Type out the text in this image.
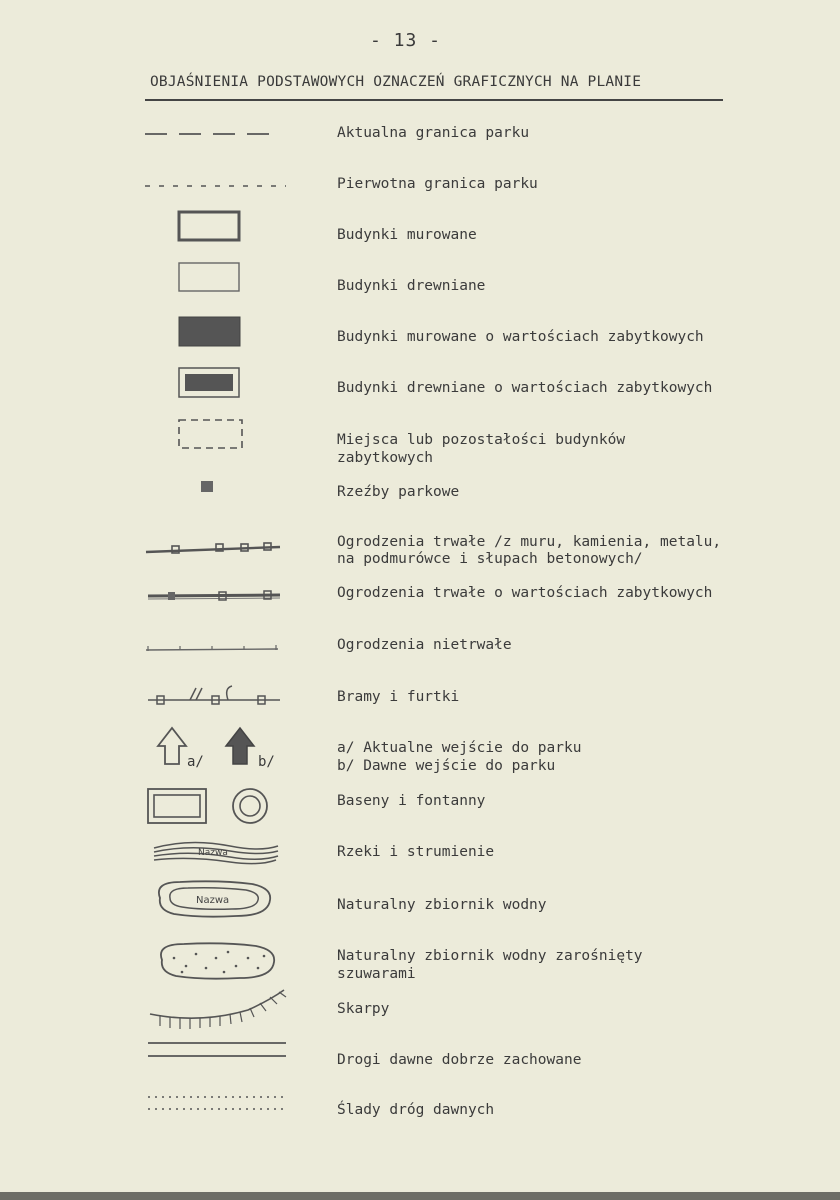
- 13 -
OBJAŚNIENIA PODSTAWOWYCH OZNACZEŃ GRAFICZNYCH NA PLANIE
Aktualna granica parku
Pierwotna granica parku
Budynki murowane
Budynki drewniane
Budynki murowane o wartościach zabytkowych
Budynki drewniane o wartościach zabytkowych
Miejsca lub pozostałości budynków
zabytkowych
Rzeźby parkowe
Ogrodzenia trwałe /z muru, kamienia, metalu,
na podmurówce i słupach betonowych/
Ogrodzenia trwałe o wartościach zabytkowych
Ogrodzenia nietrwałe
Bramy i furtki
a/	b/
a/ Aktualne wejście do parku
b/ Dawne wejście do parku
Baseny i fontanny
Nazwa	Rzeki i strumienie
Nazwa	Naturalny zbiornik wodny
Naturalny zbiornik wodny zarośnięty
szuwarami
Skarpy
Drogi dawne dobrze zachowane
Ślady dróg dawnych
